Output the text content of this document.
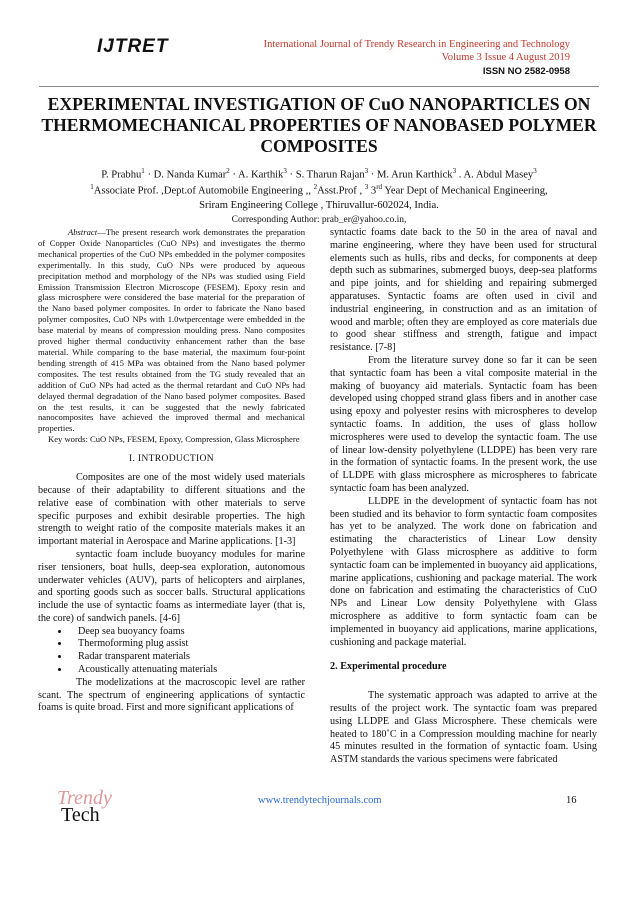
IJTRET	International Journal of Trendy Research in Engineering and Technology
Volume 3 Issue 4 August 2019
ISSN NO 2582-0958
EXPERIMENTAL INVESTIGATION OF CuO NANOPARTICLES ON THERMOMECHANICAL PROPERTIES OF NANOBASED POLYMER COMPOSITES
P. Prabhu$^1$ · D. Nanda Kumar$^2$ · A. Karthik$^3$ · S. Tharun Rajan$^3$ · M. Arun Karthick$^3$ . A. Abdul Masey$^3$
$^1$Associate Prof. ,Dept.of Automobile Engineering ,, $^2$Asst.Prof , $^3$ 3rd Year Dept of Mechanical Engineering,
Sriram Engineering College , Thiruvallur-602024, India.
Corresponding Author: prab_er@yahoo.co.in,

Abstract—The present research work demonstrates the preparation of Copper Oxide Nanoparticles (CuO NPs) and investigates the thermo mechanical properties of the CuO NPs embedded in the polymer composites experimentally. In this study, CuO NPs were produced by aqueous precipitation method and morphology of the NPs was studied using Field Emission Transmission Electron Microscope (FESEM). Epoxy resin and glass microsphere were considered the base material for the preparation of the Nano based polymer composites. In order to fabricate the Nano based polymer composites, CuO NPs with 1.0wtpercentage were embedded in the base material by means of compression moulding press. Nano composites proved higher thermal conductivity enhancement rather than the base material. While comparing to the base material, the maximum four-point bending strength of 415 MPa was obtained from the Nano based polymer composites. The test results obtained from the TG study revealed that an addition of CuO NPs had acted as the thermal retardant and CuO NPs had delayed thermal degradation of the Nano based polymer composites. Based on the test results, it can be suggested that the newly fabricated nanocomposites have achieved the improved thermal and mechanical properties.

Key words: CuO NPs, FESEM, Epoxy, Compression, Glass Microsphere

I. INTRODUCTION

Composites are one of the most widely used materials because of their adaptability to different situations and the relative ease of combination with other materials to serve specific purposes and exhibit desirable properties. The high strength to weight ratio of the composite materials makes it an important material in Aerospace and Marine applications. [1-3]

syntactic foam include buoyancy modules for marine riser tensioners, boat hulls, deep-sea exploration, autonomous underwater vehicles (AUV), parts of helicopters and airplanes, and sporting goods such as soccer balls. Structural applications include the use of syntactic foams as intermediate layer (that is, the core) of sandwich panels. [4-6]

• Deep sea buoyancy foams
• Thermoforming plug assist
• Radar transparent materials
• Acoustically attenuating materials

The modelizations at the macroscopic level are rather scant. The spectrum of engineering applications of syntactic foams is quite broad. First and more significant applications of

syntactic foams date back to the 50 in the area of naval and marine engineering, where they have been used for structural elements such as hulls, ribs and decks, for components at deep depth such as submarines, submerged buoys, deep-sea platforms and pipe joints, and for shielding and repairing submerged apparatuses. Syntactic foams are often used in civil and industrial engineering, in construction and as an imitation of wood and marble; often they are employed as core materials due to good shear stiffness and strength, fatigue and impact resistance. [7-8]

From the literature survey done so far it can be seen that syntactic foam has been a vital composite material in the making of buoyancy aid materials. Syntactic foam has been developed using chopped strand glass fibers and in another case using epoxy and polyester resins with microspheres to develop syntactic foams. In addition, the uses of glass hollow microspheres were used to develop the syntactic foam. The use of linear low-density polyethylene (LLDPE) has been very rare in the formation of syntactic foams. In the present work, the use of LLDPE with glass microsphere as microspheres to fabricate syntactic foam has been analyzed.

LLDPE in the development of syntactic foam has not been studied and its behavior to form syntactic foam composites has yet to be analyzed. The work done on fabrication and estimating the characteristics of Linear Low density Polyethylene with Glass microsphere as additive to form syntactic foam can be implemented in buoyancy aid applications, marine applications, cushioning and package material. The work done on fabrication and estimating the characteristics of CuO NPs and Linear Low density Polyethylene with Glass microsphere as additive to form syntactic foam can be implemented in buoyancy aid applications, marine applications, cushioning and package material.

2. Experimental procedure

The systematic approach was adapted to arrive at the results of the project work. The syntactic foam was prepared using LLDPE and Glass Microsphere. These chemicals were heated to 180˚C in a Compression moulding machine for nearly 45 minutes resulted in the formation of syntactic foam. Using ASTM standards the various specimens were fabricated

Trendy
Tech
www.trendytechjournals.com	16
